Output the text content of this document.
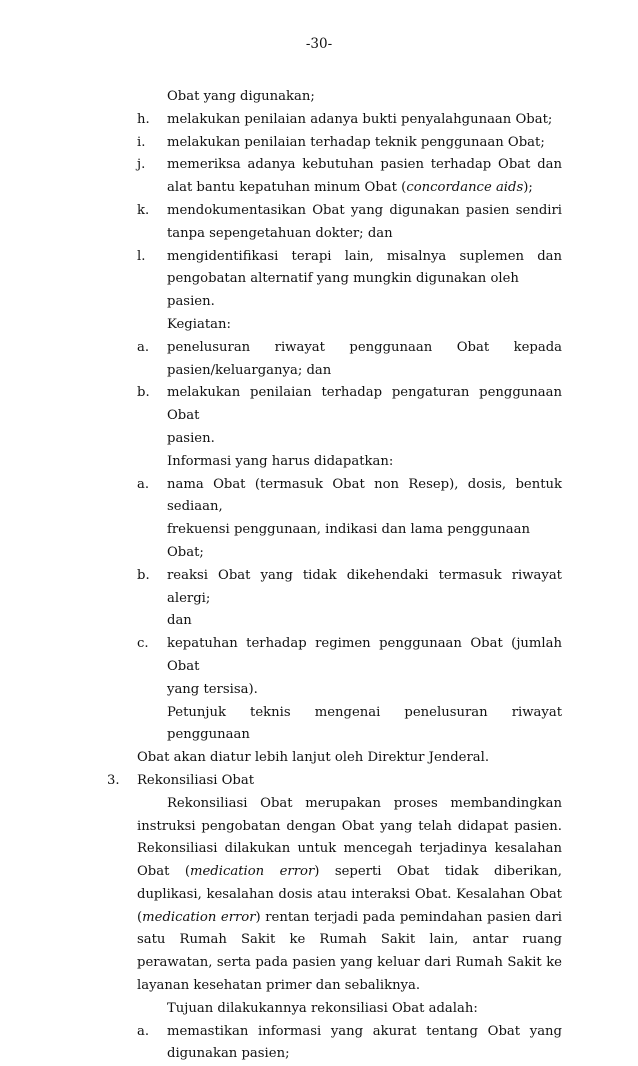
-30-
Obat yang digunakan;
h. melakukan penilaian adanya bukti penyalahgunaan Obat;
i. melakukan penilaian terhadap teknik penggunaan Obat;
j. memeriksa adanya kebutuhan pasien terhadap Obat dan
alat bantu kepatuhan minum Obat (concordance aids);
k. mendokumentasikan Obat yang digunakan pasien sendiri
tanpa sepengetahuan dokter; dan
l. mengidentifikasi terapi lain, misalnya suplemen dan
pengobatan alternatif yang mungkin digunakan oleh pasien.
Kegiatan:
a. penelusuran riwayat penggunaan Obat kepada
pasien/keluarganya; dan
b. melakukan penilaian terhadap pengaturan penggunaan Obat
pasien.
Informasi yang harus didapatkan:
a. nama Obat (termasuk Obat non Resep), dosis, bentuk sediaan,
frekuensi penggunaan, indikasi dan lama penggunaan Obat;
b. reaksi Obat yang tidak dikehendaki termasuk riwayat alergi;
dan
c. kepatuhan terhadap regimen penggunaan Obat (jumlah Obat
yang tersisa).
Petunjuk teknis mengenai penelusuran riwayat penggunaan
Obat akan diatur lebih lanjut oleh Direktur Jenderal.
3. Rekonsiliasi Obat
Rekonsiliasi Obat merupakan proses membandingkan instruksi pengobatan dengan Obat yang telah didapat pasien. Rekonsiliasi dilakukan untuk mencegah terjadinya kesalahan Obat (medication error) seperti Obat tidak diberikan, duplikasi, kesalahan dosis atau interaksi Obat. Kesalahan Obat (medication error) rentan terjadi pada pemindahan pasien dari satu Rumah Sakit ke Rumah Sakit lain, antar ruang perawatan, serta pada pasien yang keluar dari Rumah Sakit ke layanan kesehatan primer dan sebaliknya.
Tujuan dilakukannya rekonsiliasi Obat adalah:
a. memastikan informasi yang akurat tentang Obat yang
digunakan pasien;
